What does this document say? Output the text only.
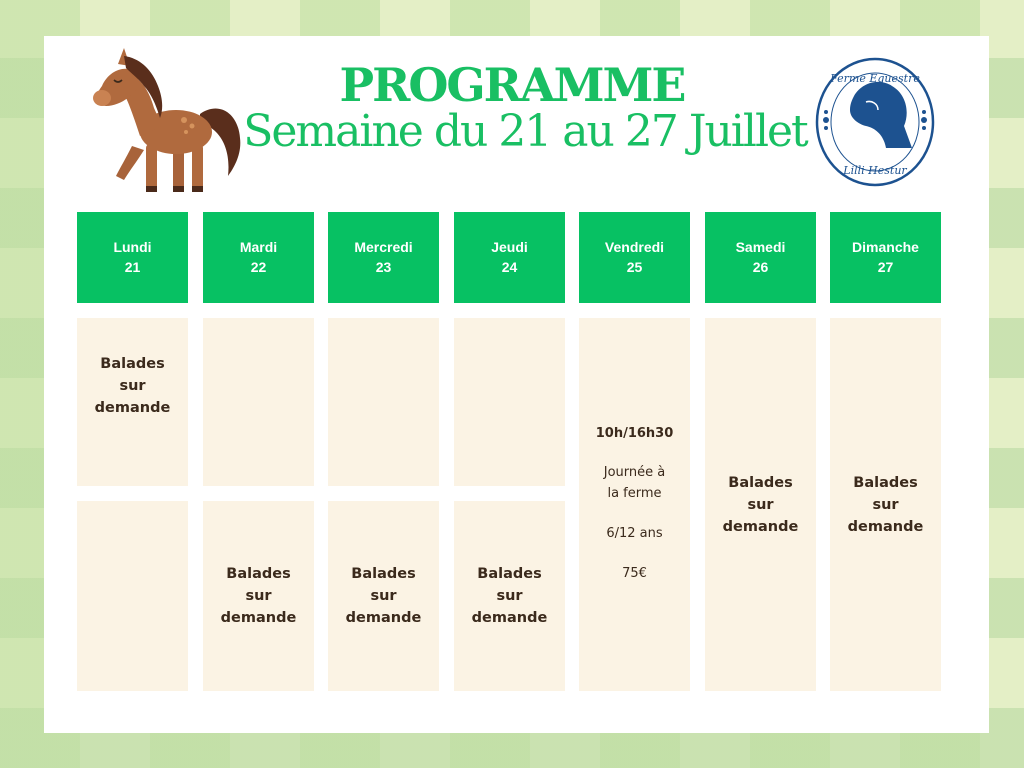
PROGRAMME
Semaine du 21 au 27 Juillet
Ferme Equestre
Lilli Hestur
Lundi
21
Mardi
22
Mercredi
23
Jeudi
24
Vendredi
25
Samedi
26
Dimanche
27
Balades
sur
demande
Balades
sur
demande
Balades
sur
demande
Balades
sur
demande
10h/16h30
Journée à
la ferme
6/12 ans
75€
Balades
sur
demande
Balades
sur
demande
